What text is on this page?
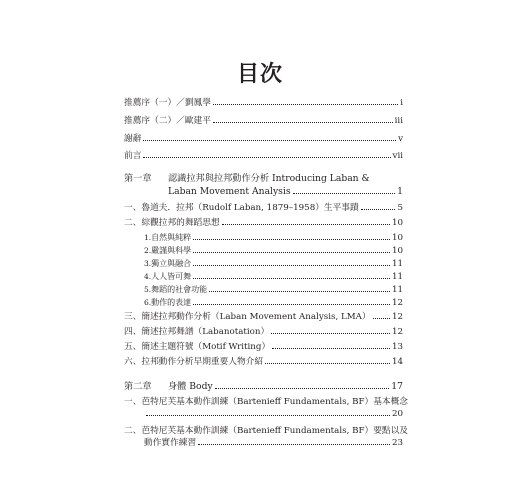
目次
推薦序（一）／劉鳳學	i
推薦序（二）／歐建平	iii
謝辭	v
前言	vii
第一章	認識拉邦與拉邦動作分析 Introducing Laban &
Laban Movement Analysis	1
一、 魯道夫．拉邦（Rudolf Laban, 1879–1958）生平事蹟	5
二、 綜觀拉邦的舞蹈思想	10
1. 自然與純粹	10
2. 嚴謹與科學	10
3. 獨立與融合	11
4. 人人皆可舞	11
5. 舞蹈的社會功能	11
6. 動作的表達	12
三、 簡述拉邦動作分析（Laban Movement Analysis, LMA） 12
四、 簡述拉邦舞譜（Labanotation）	12
五、 簡述主題符號（Motif Writing）	13
六、 拉邦動作分析早期重要人物介紹	14
第二章	身體 Body	17
一、 芭特尼芙基本動作訓練（Bartenieff Fundamentals, BF）基本概念
20
二、 芭特尼芙基本動作訓練（Bartenieff Fundamentals, BF）要點以及
動作實作練習	23
